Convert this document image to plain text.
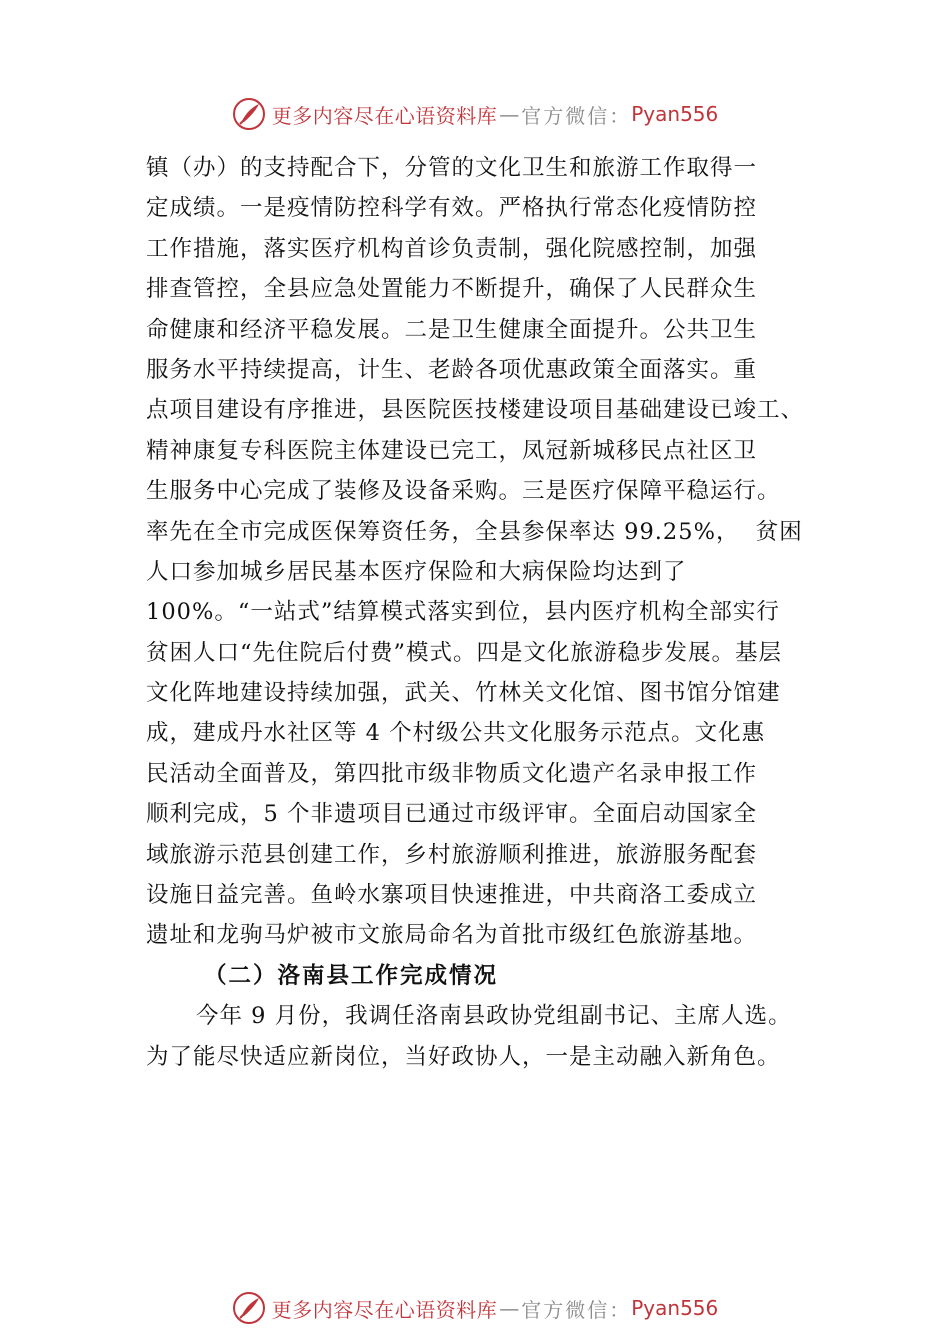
更多内容尽在心语资料库 — 官方微信： Pyan556
镇（办）的支持配合下，分管的文化卫生和旅游工作取得一
定成绩。一是疫情防控科学有效。严格执行常态化疫情防控
工作措施，落实医疗机构首诊负责制，强化院感控制，加强
排查管控，全县应急处置能力不断提升，确保了人民群众生
命健康和经济平稳发展。二是卫生健康全面提升。公共卫生
服务水平持续提高，计生、老龄各项优惠政策全面落实。重
点项目建设有序推进，县医院医技楼建设项目基础建设已竣工、
精神康复专科医院主体建设已完工，凤冠新城移民点社区卫
生服务中心完成了装修及设备采购。三是医疗保障平稳运行。
率先在全市完成医保筹资任务，全县参保率达 99.25%，  贫困
人口参加城乡居民基本医疗保险和大病保险均达到了
100%。“一站式”结算模式落实到位，县内医疗机构全部实行
贫困人口“先住院后付费”模式。四是文化旅游稳步发展。基层
文化阵地建设持续加强，武关、竹林关文化馆、图书馆分馆建
成，建成丹水社区等 4 个村级公共文化服务示范点。文化惠
民活动全面普及，第四批市级非物质文化遗产名录申报工作
顺利完成，5 个非遗项目已通过市级评审。全面启动国家全
域旅游示范县创建工作，乡村旅游顺利推进，旅游服务配套
设施日益完善。鱼岭水寨项目快速推进，中共商洛工委成立
遗址和龙驹马炉被市文旅局命名为首批市级红色旅游基地。
（二）洛南县工作完成情况
今年 9 月份，我调任洛南县政协党组副书记、主席人选。
为了能尽快适应新岗位，当好政协人，一是主动融入新角色。
更多内容尽在心语资料库 — 官方微信： Pyan556
